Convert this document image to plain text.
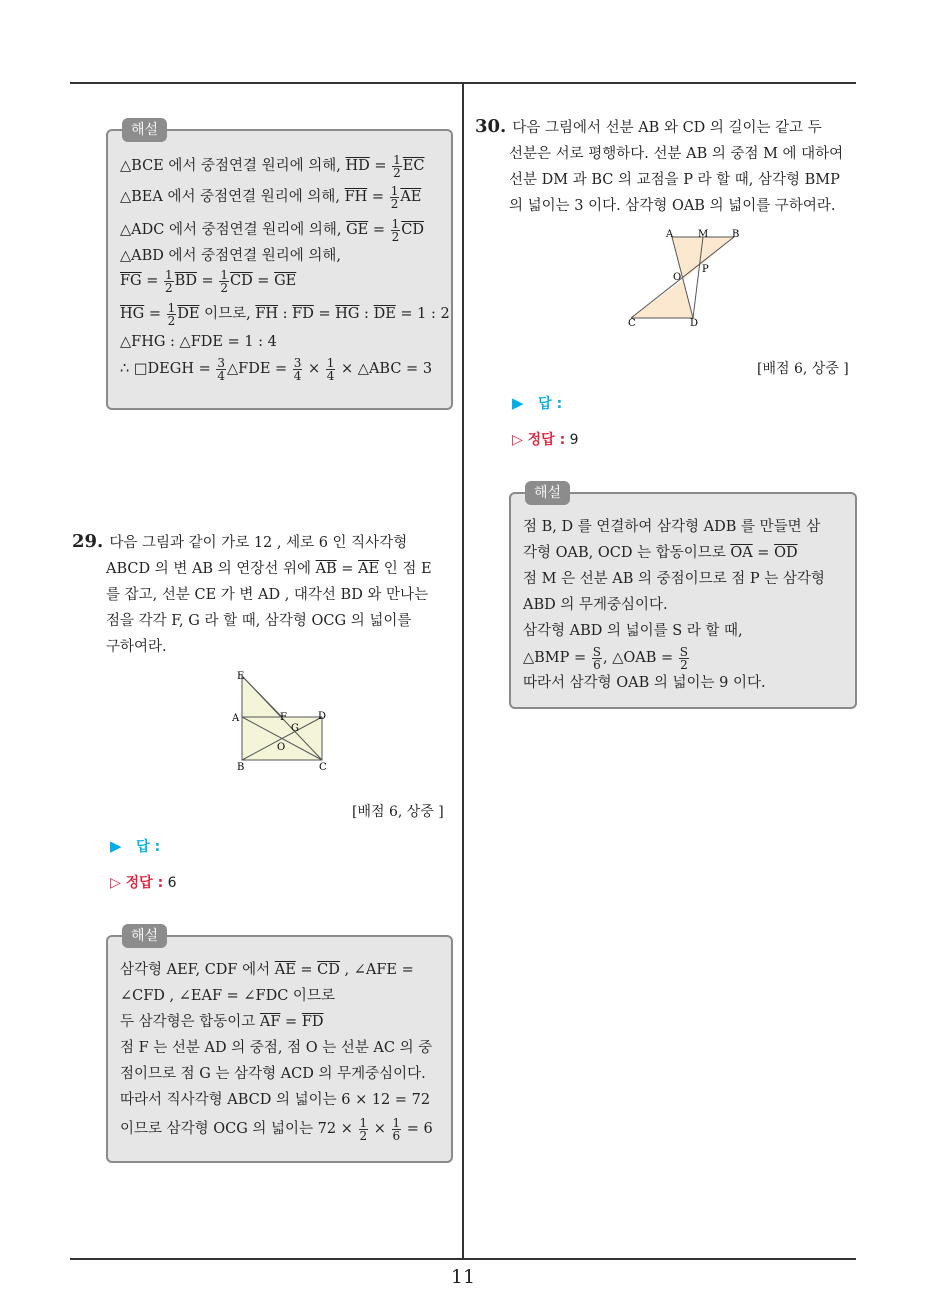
11
해설
△BCE 에서 중점연결 원리에 의해, $\overline{HD} = \frac{1}{2} \overline{EC}$
△BEA 에서 중점연결 원리에 의해, $\overline{FH} = \frac{1}{2} \overline{AE}$
△ADC 에서 중점연결 원리에 의해, $\overline{GE} = \frac{1}{2} \overline{CD}$
△ABD 에서 중점연결 원리에 의해,
$\overline{FG} = \frac{1}{2} \overline{BD} = \frac{1}{2} \overline{CD} = \overline{GE}$
$\overline{HG} = \frac{1}{2} \overline{DE}$ 이므로, $\overline{FH}$ : $\overline{FD} = \overline{HG}$ : $\overline{DE} = 1$ : 2
△FHG : △FDE = 1 : 4
∴ □DEGH = $\frac{3}{4}$ △FDE = $\frac{3}{4} \times \frac{1}{4}$ × △ABC = 3
29. 다음 그림과 같이 가로 12 , 세로 6 인 직사각형
ABCD 의 변 AB 의 연장선 위에 $\overline{AB} = \overline{AE}$ 인 점 E
를 잡고, 선분 CE 가 변 AD , 대각선 BD 와 만나는
점을 각각 F, G 라 할 때, 삼각형 OCG 의 넓이를
구하여라.
E
A	F	D
G
O
B	C
[배점 6, 상중 ]
▶ 답 :
▷ 정답 : 6
해설
삼각형 AEF, CDF 에서 $\overline{AE} = \overline{CD}$ , ∠AFE =
∠CFD , ∠EAF = ∠FDC 이므로
두 삼각형은 합동이고 $\overline{AF} = \overline{FD}$
점 F 는 선분 AD 의 중점, 점 O 는 선분 AC 의 중
점이므로 점 G 는 삼각형 ACD 의 무게중심이다.
따라서 직사각형 ABCD 의 넓이는 6 × 12 = 72
이므로 삼각형 OCG 의 넓이는 $72 \times \frac{1}{2} \times \frac{1}{6} = 6$
30. 다음 그림에서 선분 AB 와 CD 의 길이는 같고 두
선분은 서로 평행하다. 선분 AB 의 중점 M 에 대하여
선분 DM 과 BC 의 교점을 P 라 할 때, 삼각형 BMP
의 넓이는 3 이다. 삼각형 OAB 의 넓이를 구하여라.
A M B
O
P
C	D
[배점 6, 상중 ]
▶ 답 :
▷ 정답 : 9
해설
점 B, D 를 연결하여 삼각형 ADB 를 만들면 삼
각형 OAB, OCD 는 합동이므로 $\overline{OA} = \overline{OD}$
점 M 은 선분 AB 의 중점이므로 점 P 는 삼각형
ABD 의 무게중심이다.
삼각형 ABD 의 넓이를 S 라 할 때,
△BMP = $\frac{S}{6}$ , △OAB = $\frac{S}{2}$
따라서 삼각형 OAB 의 넓이는 9 이다.
